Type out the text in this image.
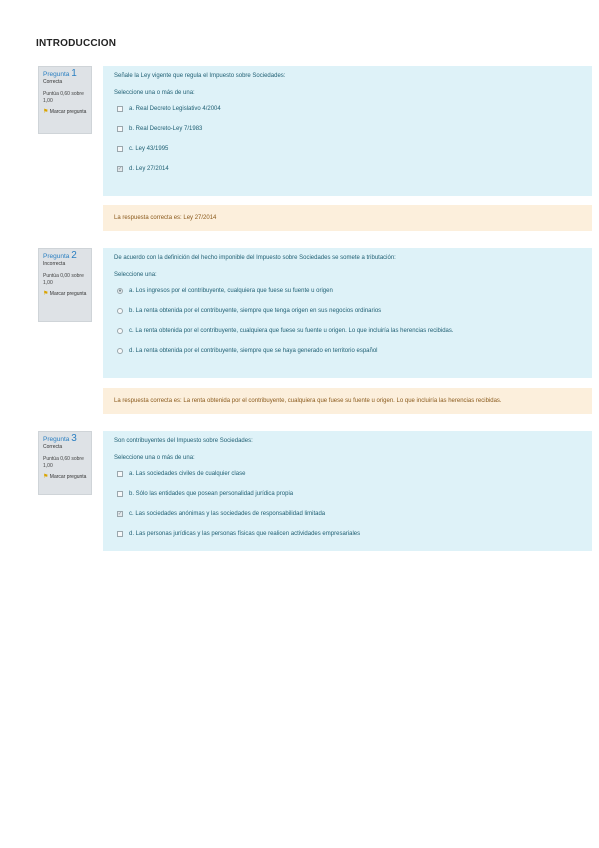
INTRODUCCION
Pregunta 1
Correcta
Puntúa 0,60 sobre 1,00
⚑ Marcar pregunta
Señale la Ley vigente que regula el Impuesto sobre Sociedades:
Seleccione una o más de una:
a. Real Decreto Legislativo 4/2004
b. Real Decreto-Ley 7/1983
c. Ley 43/1995
✓ d. Ley 27/2014
La respuesta correcta es: Ley 27/2014
Pregunta 2
Incorrecta
Puntúa 0,00 sobre 1,00
⚑ Marcar pregunta
De acuerdo con la definición del hecho imponible del Impuesto sobre Sociedades se somete a tributación:
Seleccione una:
● a. Los ingresos por el contribuyente, cualquiera que fuese su fuente u origen
b. La renta obtenida por el contribuyente, siempre que tenga origen en sus negocios ordinarios
c. La renta obtenida por el contribuyente, cualquiera que fuese su fuente u origen. Lo que incluiría las herencias recibidas.
d. La renta obtenida por el contribuyente, siempre que se haya generado en territorio español
La respuesta correcta es: La renta obtenida por el contribuyente, cualquiera que fuese su fuente u origen. Lo que incluiría las herencias recibidas.
Pregunta 3
Correcta
Puntúa 0,60 sobre 1,00
⚑ Marcar pregunta
Son contribuyentes del Impuesto sobre Sociedades:
Seleccione una o más de una:
a. Las sociedades civiles de cualquier clase
b. Sólo las entidades que posean personalidad jurídica propia
✓ c. Las sociedades anónimas y las sociedades de responsabilidad limitada
d. Las personas jurídicas y las personas físicas que realicen actividades empresariales
